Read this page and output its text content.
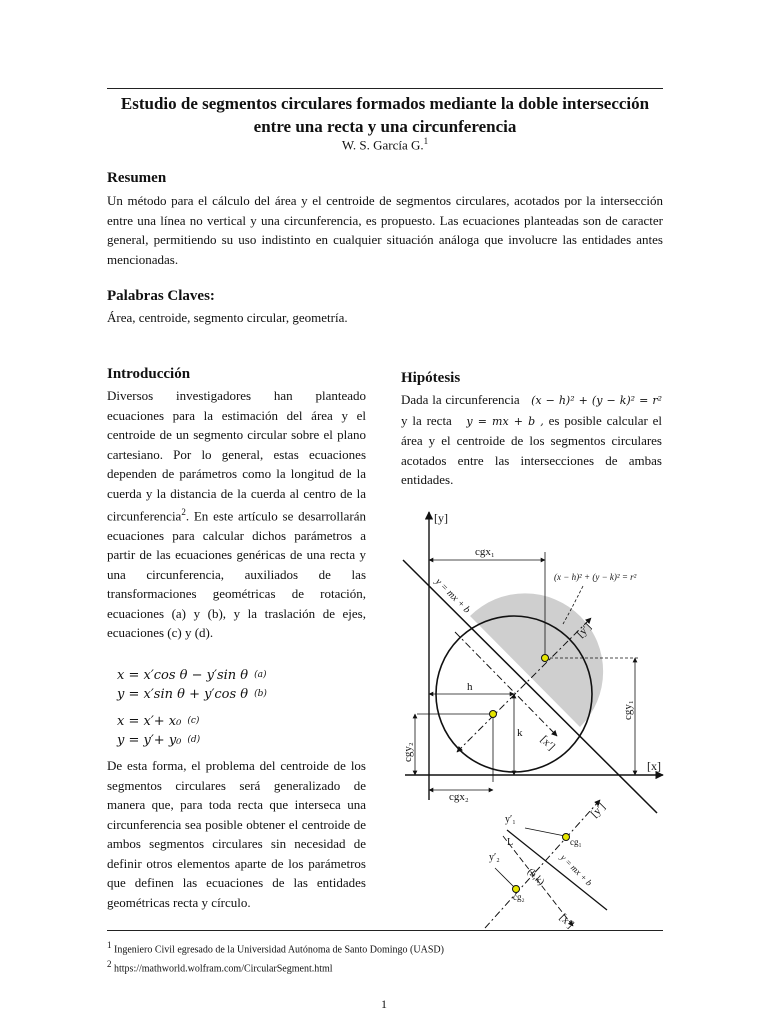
Estudio de segmentos circulares formados mediante la doble intersección
entre una recta y una circunferencia
W. S. García G.$^1$
Resumen
Un método para el cálculo del área y el centroide de segmentos circulares, acotados por la intersección entre una línea no vertical y una circunferencia, es propuesto. Las ecuaciones planteadas son de caracter general, permitiendo su uso indistinto en cualquier situación análoga que involucre las entidades antes mencionadas.
Palabras Claves:
Área, centroide, segmento circular, geometría.
Introducción
Diversos investigadores han planteado ecuaciones para la estimación del área y el centroide de un segmento circular sobre el plano cartesiano. Por lo general, estas ecuaciones dependen de parámetros como la longitud de la cuerda y la distancia de la cuerda al centro de la circunferencia$^2$. En este artículo se desarrollarán ecuaciones para calcular dichos parámetros a partir de las ecuaciones genéricas de una recta y una circunferencia, auxiliados de las transformaciones geométricas de rotación, ecuaciones (a) y (b), y la traslación de ejes, ecuaciones (c) y (d).
x = x′cos θ − y′sin θ $^{(a)}$
y = x′sin θ + y′cos θ $^{(b)}$
x = x′+ x₀ $^{(c)}$
y = y′+ y₀ $^{(d)}$
De esta forma, el problema del centroide de los segmentos circulares será generalizado de manera que, para toda recta que interseca una circunferencia sea posible obtener el centroide de ambos segmentos circulares sin necesidad de definir otros elementos aparte de los parámetros que definen las ecuaciones de las entidades geométricas recta y círculo.
Hipótesis
Dada la circunferencia (x − h)² + (y − k)² = r² y la recta y = mx + b , es posible calcular el área y el centroide de los segmentos circulares acotados entre las intersecciones de ambas entidades.
[y]
[x]
y = mx + b
[y′]
[x′]
(x − h)² + (y − k)² = r²
cgx₁
cgy₁
h
k
cgy₂
cgx₂
[y′]
y = mx + b
[x′]
y′₁
L
y′₂
cg₁
cg₂
(h,k)
$^1$ Ingeniero Civil egresado de la Universidad Autónoma de Santo Domingo (UASD)
$^2$ https://mathworld.wolfram.com/CircularSegment.html
1
